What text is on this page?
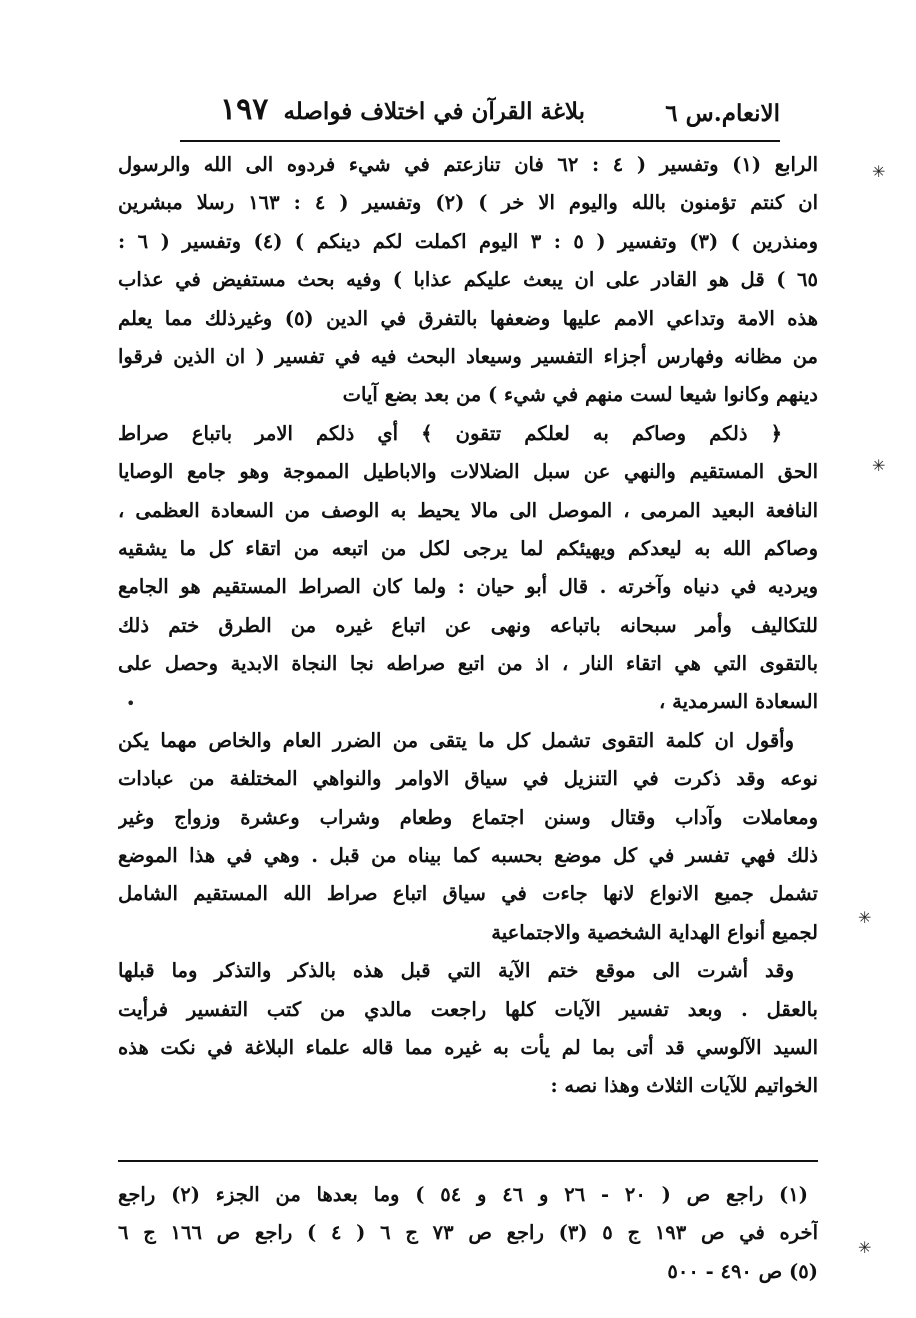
الانعام.س ٦
بلاغة القرآن في اختلاف فواصله
١٩٧
الرابع (١) وتفسير ( ٤ : ٦٢ فان تنازعتم في شيء فردوه الى الله والرسول
ان كنتم تؤمنون بالله واليوم الا خر ) (٢) وتفسير ( ٤ : ١٦٣ رسلا مبشرين
ومنذرين ) (٣) وتفسير ( ٥ : ٣ اليوم اكملت لكم دينكم ) (٤) وتفسير ( ٦ :
٦٥ ) قل هو القادر على ان يبعث عليكم عذابا ) وفيه بحث مستفيض في عذاب
هذه الامة وتداعي الامم عليها وضعفها بالتفرق في الدين (٥) وغيرذلك مما يعلم
من مظانه وفهارس أجزاء التفسير وسيعاد البحث فيه في تفسير ( ان الذين فرقوا
دينهم وكانوا شيعا لست منهم في شيء ) من بعد بضع آيات
﴿ ذلكم وصاكم به لعلكم تتقون ﴾ أي ذلكم الامر باتباع صراط
الحق المستقيم والنهي عن سبل الضلالات والاباطيل المموجة وهو جامع الوصايا
النافعة البعيد المرمى ، الموصل الى مالا يحيط به الوصف من السعادة العظمى ،
وصاكم الله به ليعدكم ويهيئكم لما يرجى لكل من اتبعه من اتقاء كل ما يشقيه
ويرديه في دنياه وآخرته . قال أبو حيان : ولما كان الصراط المستقيم هو الجامع
للتكاليف وأمر سبحانه باتباعه ونهى عن اتباع غيره من الطرق ختم ذلك
بالتقوى التي هي اتقاء النار ، اذ من اتبع صراطه نجا النجاة الابدية وحصل على
السعادة السرمدية ،
وأقول ان كلمة التقوى تشمل كل ما يتقى من الضرر العام والخاص مهما يكن
نوعه وقد ذكرت في التنزيل في سياق الاوامر والنواهي المختلفة من عبادات
ومعاملات وآداب وقتال وسنن اجتماع وطعام وشراب وعشرة وزواج وغير
ذلك فهي تفسر في كل موضع بحسبه كما بيناه من قبل . وهي في هذا الموضع
تشمل جميع الانواع لانها جاءت في سياق اتباع صراط الله المستقيم الشامل
لجميع أنواع الهداية الشخصية والاجتماعية
وقد أشرت الى موقع ختم الآية التي قبل هذه بالذكر والتذكر وما قبلها
بالعقل . وبعد تفسير الآيات كلها راجعت مالدي من كتب التفسير فرأيت
السيد الآلوسي قد أتى بما لم يأت به غيره مما قاله علماء البلاغة في نكت هذه
الخواتيم للآيات الثلاث وهذا نصه :
(١) راجع ص ( ٢٠ - ٢٦ و ٤٦ و ٥٤ ) وما بعدها من الجزء (٢) راجع
آخره في ص ١٩٣ ج ٥ (٣) راجع ص ٧٣ ج ٦ ( ٤ ) راجع ص ١٦٦ ج ٦
(٥) ص ٤٩٠ - ٥٠٠
✳
✳
•
✳
✳
